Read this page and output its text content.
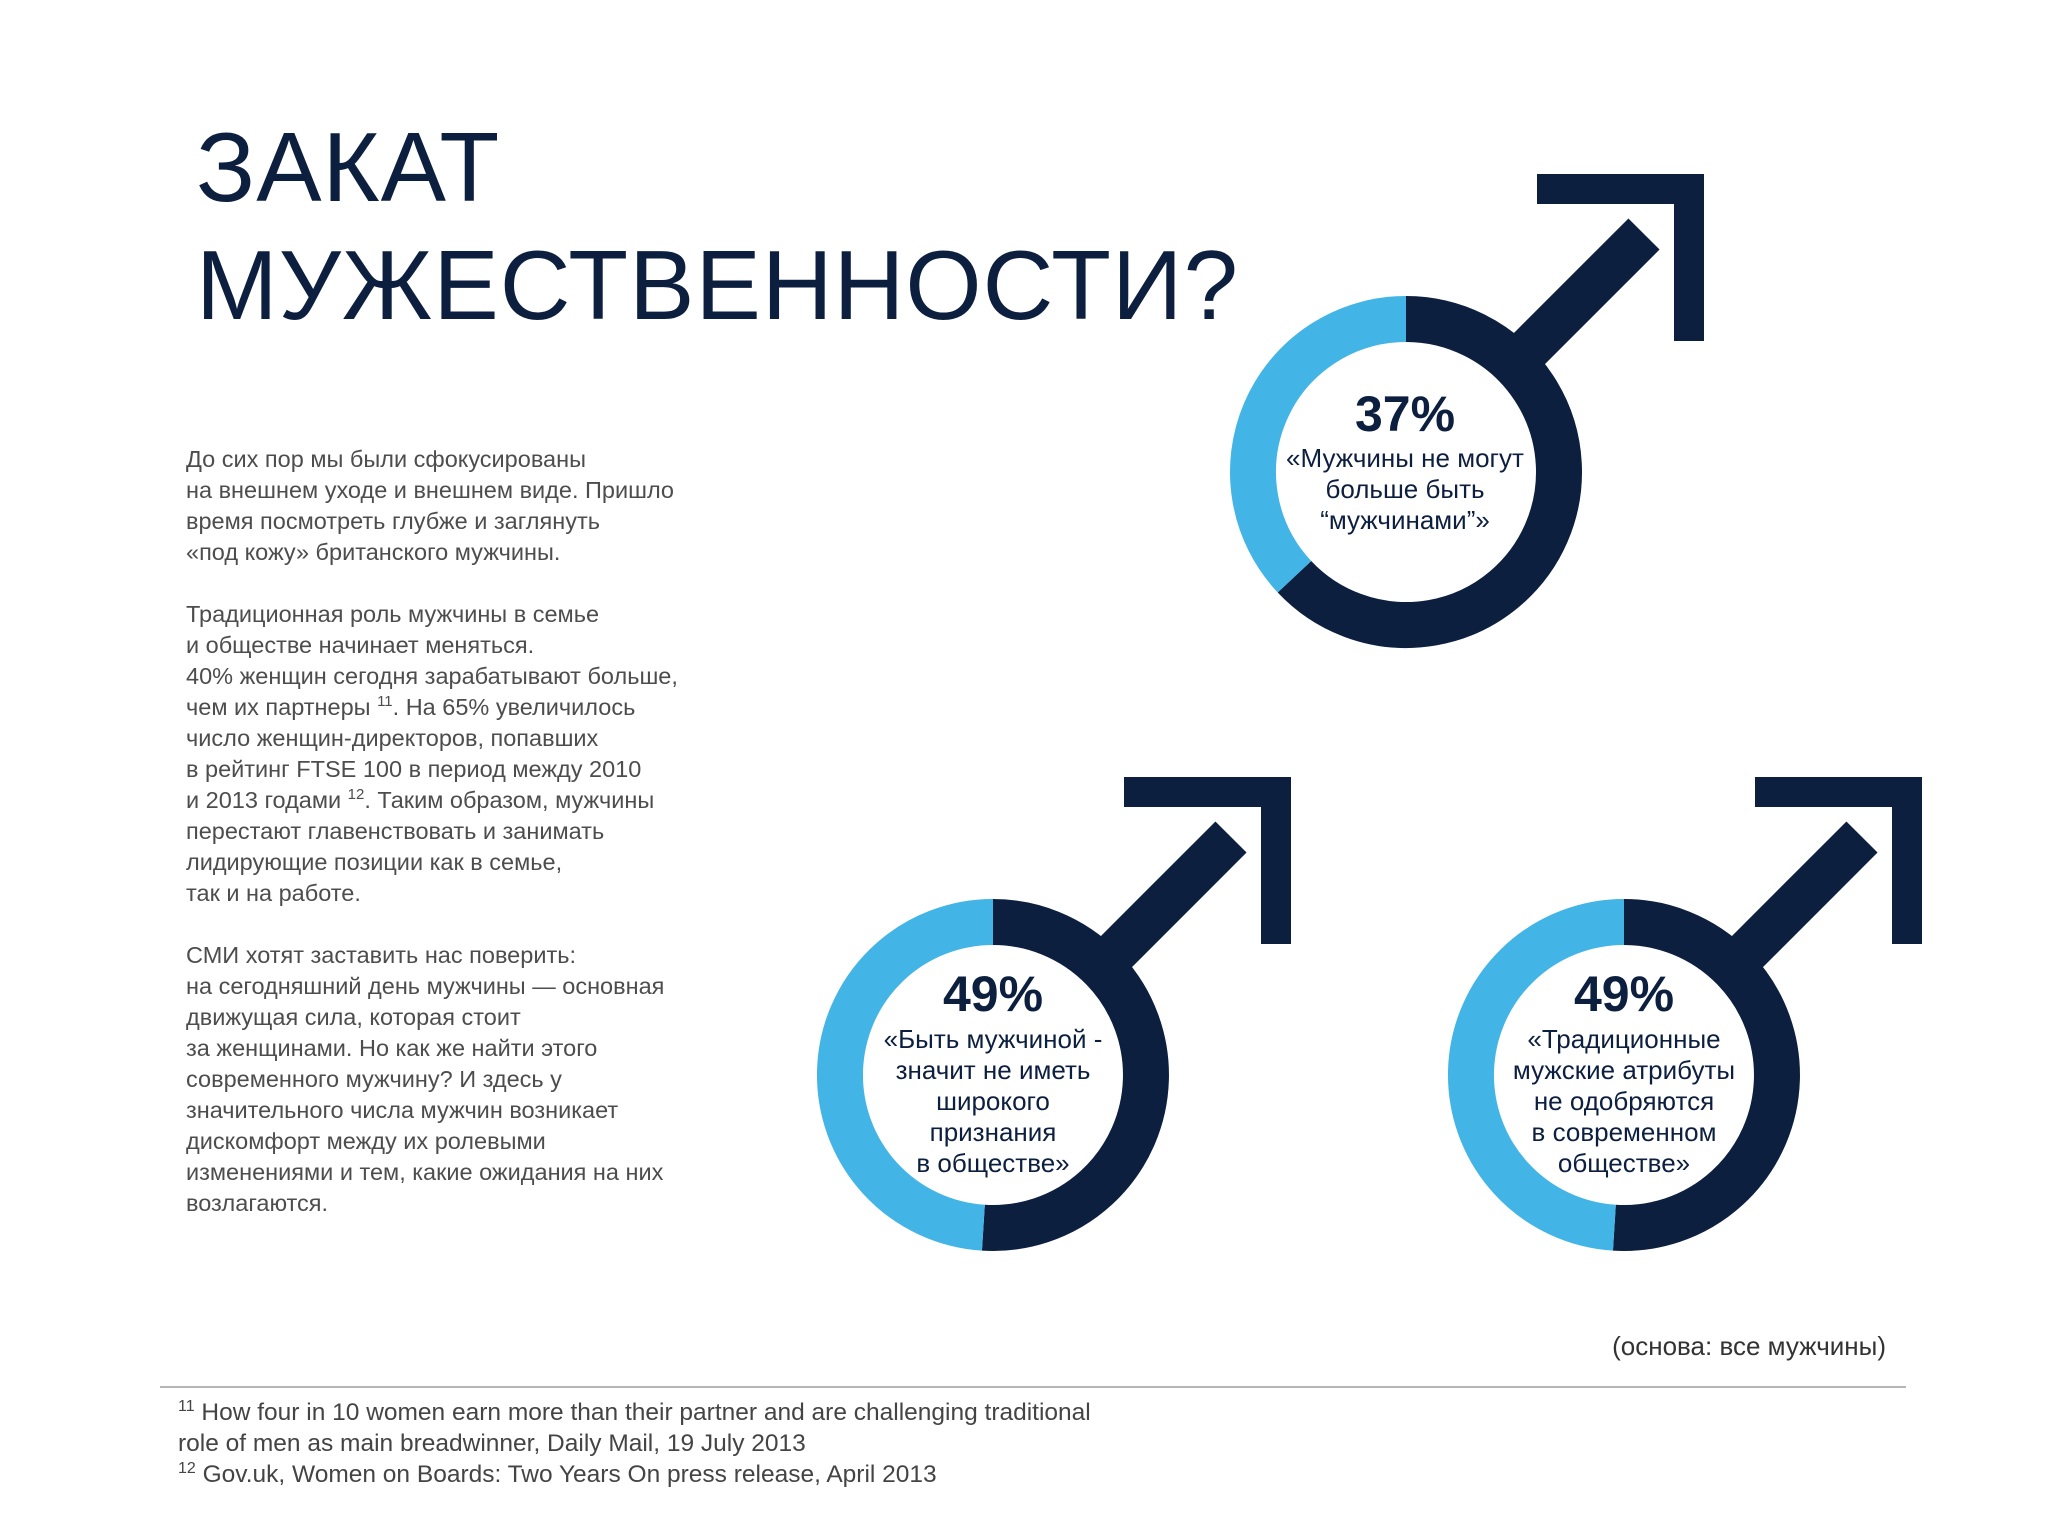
ЗАКАТ
МУЖЕСТВЕННОСТИ?

До сих пор мы были сфокусированы
на внешнем уходе и внешнем виде. Пришло
время посмотреть глубже и заглянуть
«под кожу» британского мужчины.

Традиционная роль мужчины в семье
и обществе начинает меняться.
40% женщин сегодня зарабатывают больше,
чем их партнеры $^{11}$. На 65% увеличилось
число женщин-директоров, попавших
в рейтинг FTSE 100 в период между 2010
и 2013 годами $^{12}$. Таким образом, мужчины
перестают главенствовать и занимать
лидирующие позиции как в семье,
так и на работе.

СМИ хотят заставить нас поверить:
на сегодняшний день мужчины — основная
движущая сила, которая стоит
за женщинами. Но как же найти этого
современного мужчину? И здесь у
значительного числа мужчин возникает
дискомфорт между их ролевыми
изменениями и тем, какие ожидания на них
возлагаются.

37%
«Мужчины не могут
больше быть
“мужчинами”»
49%
«Быть мужчиной -
значит не иметь
широкого
признания
в обществе»
49%
«Традиционные
мужские атрибуты
не одобряются
в современном
обществе»
(основа: все мужчины)
$^{11}$ How four in 10 women earn more than their partner and are challenging traditional
role of men as main breadwinner, Daily Mail, 19 July 2013
$^{12}$ Gov.uk, Women on Boards: Two Years On press release, April 2013
